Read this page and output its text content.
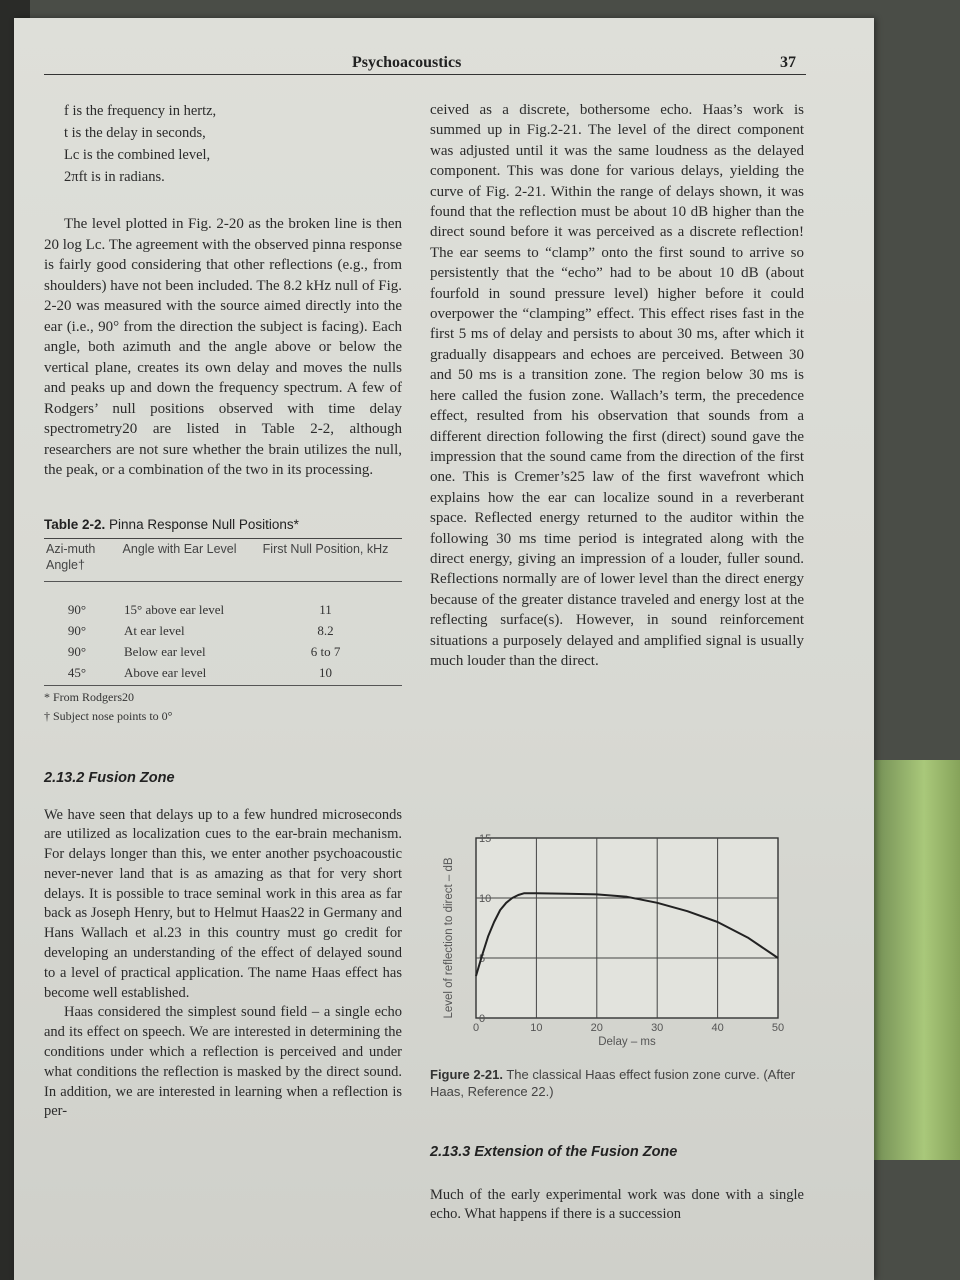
Psychoacoustics	37
f is the frequency in hertz,
t is the delay in seconds,
Lc is the combined level,
2πft is in radians.

The level plotted in Fig. 2-20 as the broken line is then 20 log Lc. The agreement with the observed pinna response is fairly good considering that other reflections (e.g., from shoulders) have not been included. The 8.2 kHz null of Fig. 2-20 was measured with the source aimed directly into the ear (i.e., 90° from the direction the subject is facing). Each angle, both azimuth and the angle above or below the vertical plane, creates its own delay and moves the nulls and peaks up and down the frequency spectrum. A few of Rodgers’ null positions observed with time delay spectrometry20 are listed in Table 2-2, although researchers are not sure whether the brain utilizes the null, the peak, or a combination of the two in its processing.

Table 2-2. Pinna Response Null Positions*

Azi-muth Angle†	Angle with Ear Level	First Null Position, kHz
90°	15° above ear level	11
90°	At ear level	8.2
90°	Below ear level	6 to 7
45°	Above ear level	10
* From Rodgers20
† Subject nose points to 0°
2.13.2 Fusion Zone

We have seen that delays up to a few hundred microseconds are utilized as localization cues to the ear-brain mechanism. For delays longer than this, we enter another psychoacoustic never-never land that is as amazing as that for very short delays. It is possible to trace seminal work in this area as far back as Joseph Henry, but to Helmut Haas22 in Germany and Hans Wallach et al.23 in this country must go credit for developing an understanding of the effect of delayed sound to a level of practical application. The name Haas effect has become well established.

Haas considered the simplest sound field – a single echo and its effect on speech. We are interested in determining the conditions under which a reflection is perceived and under what conditions the reflection is masked by the direct sound. In addition, we are interested in learning when a reflection is per-

ceived as a discrete, bothersome echo. Haas’s work is summed up in Fig.2-21. The level of the direct component was adjusted until it was the same loudness as the delayed component. This was done for various delays, yielding the curve of Fig. 2-21. Within the range of delays shown, it was found that the reflection must be about 10 dB higher than the direct sound before it was perceived as a discrete reflection! The ear seems to “clamp” onto the first sound to arrive so persistently that the “echo” had to be about 10 dB (about fourfold in sound pressure level) higher before it could overpower the “clamping” effect. This effect rises fast in the first 5 ms of delay and persists to about 30 ms, after which it gradually disappears and echoes are perceived. Between 30 and 50 ms is a transition zone. The region below 30 ms is here called the fusion zone. Wallach’s term, the precedence effect, resulted from his observation that sounds from a different direction following the first (direct) sound gave the impression that the sound came from the direction of the first one. This is Cremer’s25 law of the first wavefront which explains how the ear can localize sound in a reverberant space. Reflected energy returned to the auditor within the following 30 ms time period is integrated along with the direct energy, giving an impression of a louder, fuller sound. Reflections normally are of lower level than the direct energy because of the greater distance traveled and energy lost at the reflecting surface(s). However, in sound reinforcement situations a purposely delayed and amplified signal is usually much louder than the direct.

0	10	20	30	40	50
0
5
10
15
Delay – ms
Level of reflection to direct – dB
Figure 2-21. The classical Haas effect fusion zone curve. (After Haas, Reference 22.)
2.13.3 Extension of the Fusion Zone

Much of the early experimental work was done with a single echo. What happens if there is a succession
